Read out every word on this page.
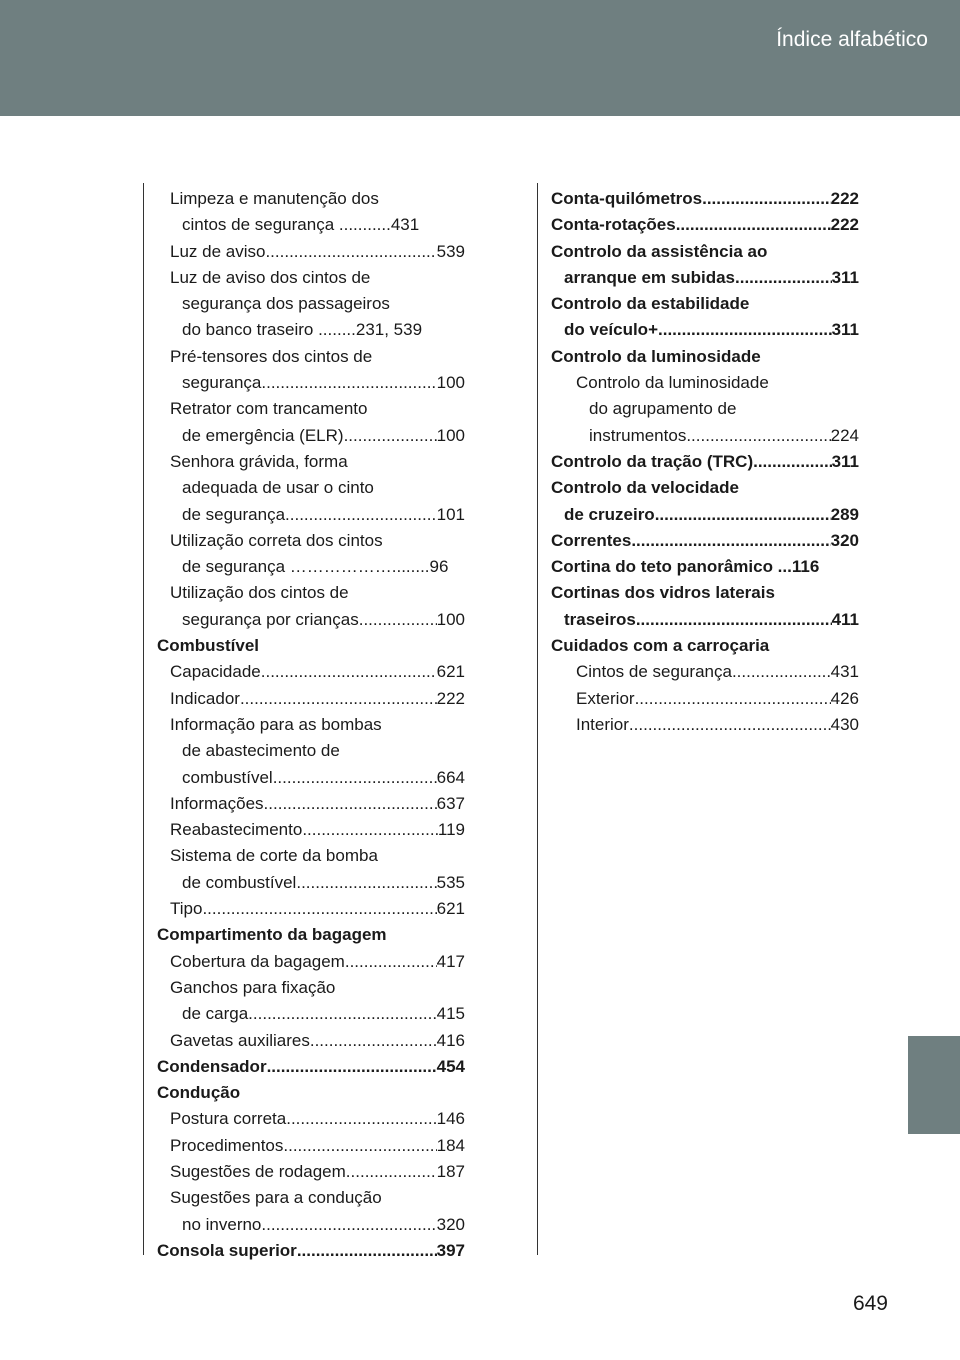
Índice alfabético
Limpeza e manutenção dos
cintos de segurança ...........431
Luz de aviso .....	539
Luz de aviso dos cintos de
segurança dos passageiros
do banco traseiro ........231, 539
Pré-tensores dos cintos de
segurança .....	100
Retrator com trancamento
de emergência (ELR) .....	100
Senhora grávida, forma
adequada de usar o cinto
de segurança .....	101
Utilização correta dos cintos
de segurança ………………........96
Utilização dos cintos de
segurança por crianças .....	100
Combustível
Capacidade .....	621
Indicador .....	222
Informação para as bombas
de abastecimento de
combustível .....	664
Informações .....	637
Reabastecimento .....	119
Sistema de corte da bomba
de combustível .....	535
Tipo .....	621
Compartimento da bagagem
Cobertura da bagagem .....	417
Ganchos para fixação
de carga .....	415
Gavetas auxiliares .....	416
Condensador .....	454
Condução
Postura correta .....	146
Procedimentos .....	184
Sugestões de rodagem .....	187
Sugestões para a condução
no inverno .....	320
Consola superior .....	397
Conta-quilómetros .....	222
Conta-rotações .....	222
Controlo da assistência ao
arranque em subidas .....	311
Controlo da estabilidade
do veículo+ .....	311
Controlo da luminosidade
Controlo da luminosidade
do agrupamento de
instrumentos .....	224
Controlo da tração (TRC) .....	311
Controlo da velocidade
de cruzeiro .....	289
Correntes .....	320
Cortina do teto panorâmico ...116
Cortinas dos vidros laterais
traseiros .....	411
Cuidados com a carroçaria
Cintos de segurança .....	431
Exterior .....	426
Interior .....	430
649
